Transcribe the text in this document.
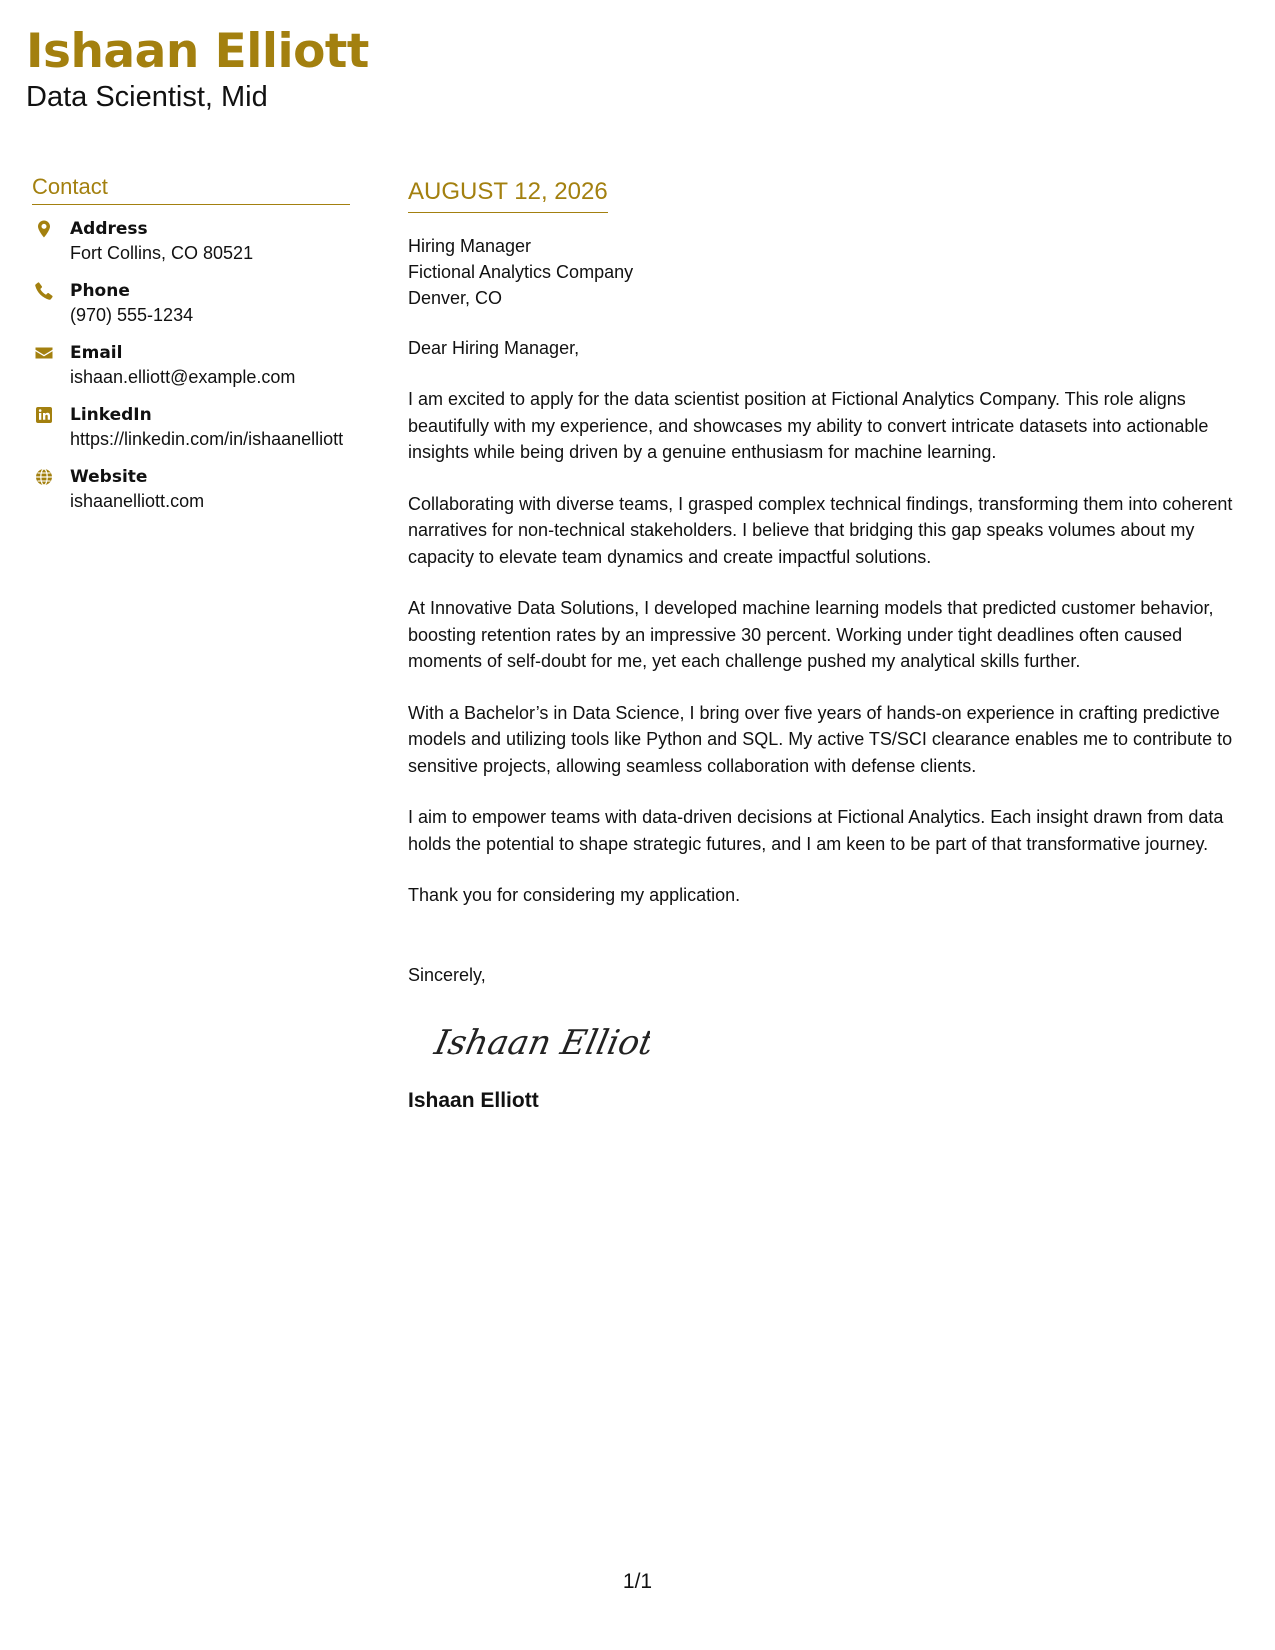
Ishaan Elliott
Data Scientist, Mid
Contact
Address
Fort Collins, CO 80521
Phone
(970) 555-1234
Email
ishaan.elliott@example.com
LinkedIn
https://linkedin.com/in/ishaanelliott
Website
ishaanelliott.com
AUGUST 12, 2026
Hiring Manager
Fictional Analytics Company
Denver, CO
Dear Hiring Manager,
I am excited to apply for the data scientist position at Fictional Analytics Company. This role aligns beautifully with my experience, and showcases my ability to convert intricate datasets into actionable insights while being driven by a genuine enthusiasm for machine learning.
Collaborating with diverse teams, I grasped complex technical findings, transforming them into coherent narratives for non-technical stakeholders. I believe that bridging this gap speaks volumes about my capacity to elevate team dynamics and create impactful solutions.
At Innovative Data Solutions, I developed machine learning models that predicted customer behavior, boosting retention rates by an impressive 30 percent. Working under tight deadlines often caused moments of self-doubt for me, yet each challenge pushed my analytical skills further.
With a Bachelor’s in Data Science, I bring over five years of hands-on experience in crafting predictive models and utilizing tools like Python and SQL. My active TS/SCI clearance enables me to contribute to sensitive projects, allowing seamless collaboration with defense clients.
I aim to empower teams with data-driven decisions at Fictional Analytics. Each insight drawn from data holds the potential to shape strategic futures, and I am keen to be part of that transformative journey.
Thank you for considering my application.
Sincerely,
Ishaan Elliott
Ishaan Elliott
1/1
